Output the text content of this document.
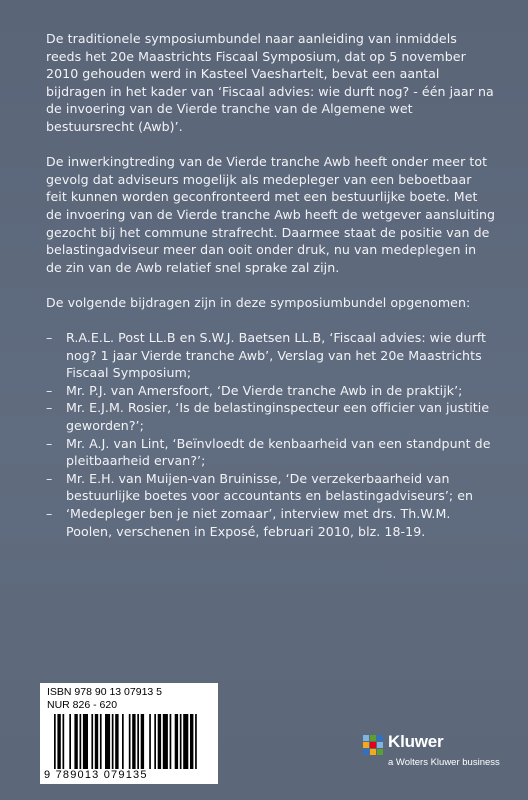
De traditionele symposiumbundel naar aanleiding van inmiddels reeds het 20e Maastrichts Fiscaal Symposium, dat op 5 november 2010 gehouden werd in Kasteel Vaeshartelt, bevat een aantal bijdragen in het kader van ‘Fiscaal advies: wie durft nog? - één jaar na de invoering van de Vierde tranche van de Algemene wet bestuursrecht (Awb)’.

De inwerkingtreding van de Vierde tranche Awb heeft onder meer tot gevolg dat adviseurs mogelijk als medepleger van een beboetbaar feit kunnen worden geconfronteerd met een bestuurlijke boete. Met de invoering van de Vierde tranche Awb heeft de wetgever aansluiting gezocht bij het commune strafrecht. Daarmee staat de positie van de belastingadviseur meer dan ooit onder druk, nu van medeplegen in de zin van de Awb relatief snel sprake zal zijn.

De volgende bijdragen zijn in deze symposiumbundel opgenomen:

– R.A.E.L. Post LL.B en S.W.J. Baetsen LL.B, ‘Fiscaal advies: wie durft nog? 1 jaar Vierde tranche Awb’, Verslag van het 20e Maastrichts Fiscaal Symposium;
– Mr. P.J. van Amersfoort, ‘De Vierde tranche Awb in de praktijk’;
– Mr. E.J.M. Rosier, ‘Is de belastinginspecteur een officier van justitie geworden?’;
– Mr. A.J. van Lint, ‘Beïnvloedt de kenbaarheid van een standpunt de pleitbaarheid ervan?’;
– Mr. E.H. van Muijen-van Bruinisse, ‘De verzekerbaarheid van bestuurlijke boetes voor accountants en belastingadviseurs’; en
– ‘Medepleger ben je niet zomaar’, interview met drs. Th.W.M. Poolen, verschenen in Exposé, februari 2010, blz. 18-19.
ISBN 978 90 13 07913 5
NUR 826 - 620
9 789013 079135
Kluwer
a Wolters Kluwer business
